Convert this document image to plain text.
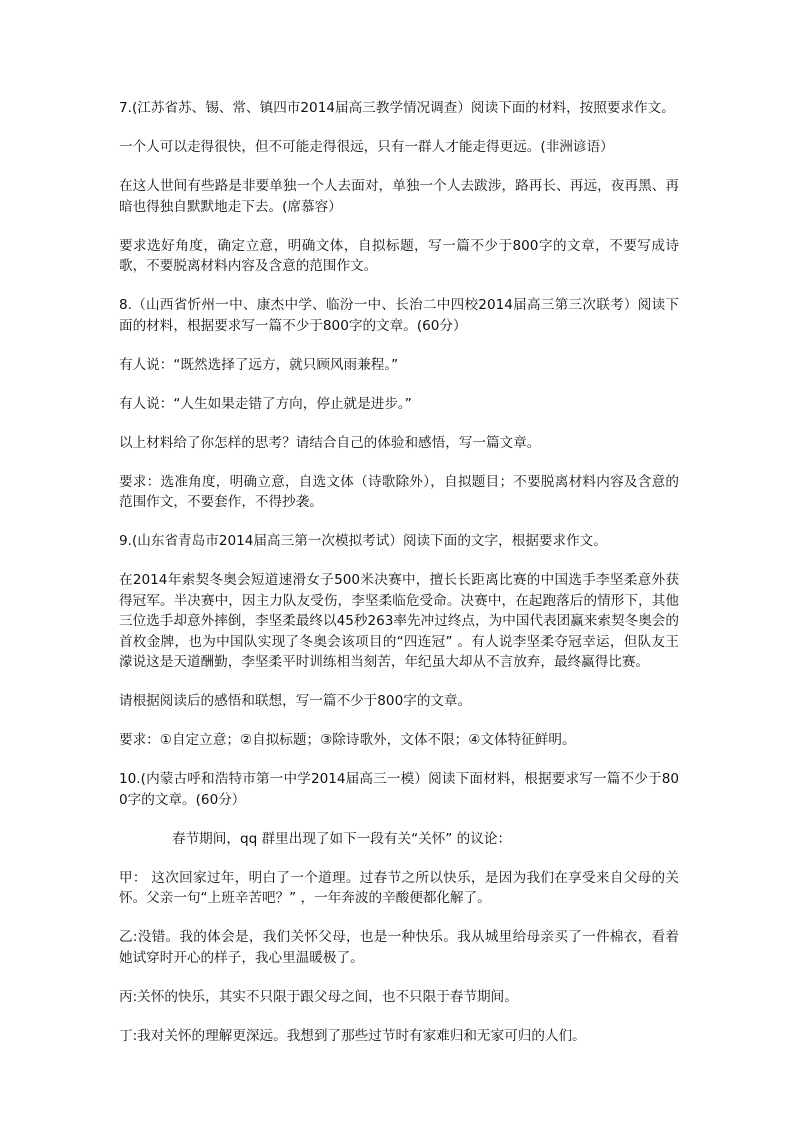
7.(江苏省苏、锡、常、镇四市2014届高三教学情况调查）阅读下面的材料，按照要求作文。

一个人可以走得很快，但不可能走得很远，只有一群人才能走得更远。(非洲谚语）

在这人世间有些路是非要单独一个人去面对，单独一个人去跋涉，路再长、再远，夜再黑、再暗也得独自默默地走下去。(席慕容）

要求选好角度，确定立意，明确文体，自拟标题，写一篇不少于800字的文章，不要写成诗歌，不要脱离材料内容及含意的范围作文。

8.（山西省忻州一中、康杰中学、临汾一中、长治二中四校2014届高三第三次联考）阅读下面的材料，根据要求写一篇不少于800字的文章。(60分）

有人说：“既然选择了远方，就只顾风雨兼程。”

有人说：“人生如果走错了方向，停止就是进步。”

以上材料给了你怎样的思考？请结合自己的体验和感悟，写一篇文章。

要求：选准角度，明确立意，自选文体（诗歌除外），自拟题目；不要脱离材料内容及含意的范围作文，不要套作，不得抄袭。

9.(山东省青岛市2014届高三第一次模拟考试）阅读下面的文字，根据要求作文。

在2014年索契冬奥会短道速滑女子500米决赛中，擅长长距离比赛的中国选手李坚柔意外获得冠军。半决赛中，因主力队友受伤，李坚柔临危受命。决赛中，在起跑落后的情形下，其他三位选手却意外摔倒，李坚柔最终以45秒263率先冲过终点，为中国代表团赢来索契冬奥会的首枚金牌，也为中国队实现了冬奥会该项目的“四连冠” 。有人说李坚柔夺冠幸运，但队友王濛说这是天道酬勤，李坚柔平时训练相当刻苦，年纪虽大却从不言放弃，最终赢得比赛。

请根据阅读后的感悟和联想，写一篇不少于800字的文章。

要求：①自定立意；②自拟标题；③除诗歌外，文体不限；④文体特征鲜明。

10.(内蒙古呼和浩特市第一中学2014届高三一模）阅读下面材料，根据要求写一篇不少于800字的文章。(60分）

春节期间，qq 群里出现了如下一段有关“关怀” 的议论：

甲： 这次回家过年，明白了一个道理。过春节之所以快乐，是因为我们在享受来自父母的关怀。父亲一句“上班辛苦吧？” ，一年奔波的辛酸便都化解了。

乙:没错。我的体会是，我们关怀父母，也是一种快乐。我从城里给母亲买了一件棉衣，看着她试穿时开心的样子，我心里温暖极了。

丙:关怀的快乐，其实不只限于跟父母之间，也不只限于春节期间。

丁:我对关怀的理解更深远。我想到了那些过节时有家难归和无家可归的人们。
